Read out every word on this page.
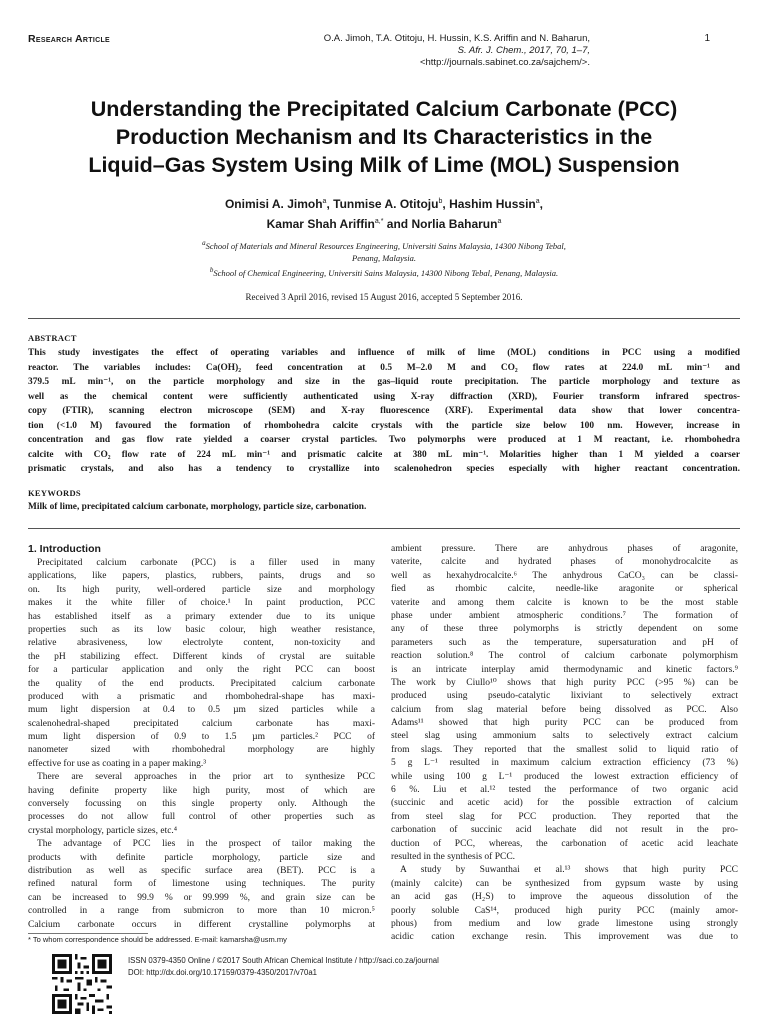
Research Article	O.A. Jimoh, T.A. Otitoju, H. Hussin, K.S. Ariffin and N. Baharun,
S. Afr. J. Chem., 2017, 70, 1–7,
<http://journals.sabinet.co.za/sajchem/>.
1
Understanding the Precipitated Calcium Carbonate (PCC)
Production Mechanism and Its Characteristics in the
Liquid–Gas System Using Milk of Lime (MOL) Suspension
Onimisi A. Jimoh$^a$, Tunmise A. Otitoju$^b$, Hashim Hussin$^a$,
Kamar Shah Ariffin$^{a,*}$ and Norlia Baharun$^a$
$^a$School of Materials and Mineral Resources Engineering, Universiti Sains Malaysia, 14300 Nibong Tebal,
Penang, Malaysia.
$^b$School of Chemical Engineering, Universiti Sains Malaysia, 14300 Nibong Tebal, Penang, Malaysia.
Received 3 April 2016, revised 15 August 2016, accepted 5 September 2016.
ABSTRACT
This study investigates the effect of operating variables and influence of milk of lime (MOL) conditions in PCC using a modified
reactor. The variables includes: Ca(OH)₂ feed concentration at 0.5 M–2.0 M and CO₂ flow rates at 224.0 mL min⁻¹ and
379.5 mL min⁻¹, on the particle morphology and size in the gas–liquid route precipitation. The particle morphology and texture as
well as the chemical content were sufficiently authenticated using X-ray diffraction (XRD), Fourier transform infrared spectros-
copy (FTIR), scanning electron microscope (SEM) and X-ray fluorescence (XRF). Experimental data show that lower concentra-
tion (<1.0 M) favoured the formation of rhombohedra calcite crystals with the particle size below 100 nm. However, increase in
concentration and gas flow rate yielded a coarser crystal particles. Two polymorphs were produced at 1 M reactant, i.e. rhombohedra
calcite with CO₂ flow rate of 224 mL min⁻¹ and prismatic calcite at 380 mL min⁻¹. Molarities higher than 1 M yielded a coarser
prismatic crystals, and also has a tendency to crystallize into scalenohedron species especially with higher reactant concentration.
KEYWORDS
Milk of lime, precipitated calcium carbonate, morphology, particle size, carbonation.
1. Introduction
Precipitated calcium carbonate (PCC) is a filler used in many
applications, like papers, plastics, rubbers, paints, drugs and so
on. Its high purity, well-ordered particle size and morphology
makes it the white filler of choice.¹ In paint production, PCC
has established itself as a primary extender due to its unique
properties such as its low basic colour, high weather resistance,
relative abrasiveness, low electrolyte content, non-toxicity and
the pH stabilizing effect. Different kinds of crystal are suitable
for a particular application and only the right PCC can boost
the quality of the end products. Precipitated calcium carbonate
produced with a prismatic and rhombohedral-shape has maxi-
mum light dispersion at 0.4 to 0.5 µm sized particles while a
scalenohedral-shaped precipitated calcium carbonate has maxi-
mum light dispersion of 0.9 to 1.5 µm particles.² PCC of
nanometer sized with rhombohedral morphology are highly
effective for use as coating in a paper making.³
There are several approaches in the prior art to synthesize PCC
having definite property like high purity, most of which are
conversely focussing on this single property only. Although the
processes do not allow full control of other properties such as
crystal morphology, particle sizes, etc.⁴
The advantage of PCC lies in the prospect of tailor making the
products with definite particle morphology, particle size and
distribution as well as specific surface area (BET). PCC is a
refined natural form of limestone using techniques. The purity
can be increased to 99.9 % or 99.999 %, and grain size can be
controlled in a range from submicron to more than 10 micron.⁵
Calcium carbonate occurs in different crystalline polymorphs at
ambient pressure. There are anhydrous phases of aragonite,
vaterite, calcite and hydrated phases of monohydrocalcite as
well as hexahydrocalcite.⁶ The anhydrous CaCO₃ can be classi-
fied as rhombic calcite, needle-like aragonite or spherical
vaterite and among them calcite is known to be the most stable
phase under ambient atmospheric conditions.⁷ The formation of
any of these three polymorphs is strictly dependent on some
parameters such as the temperature, supersaturation and pH of
reaction solution.⁸ The control of calcium carbonate polymorphism
is an intricate interplay amid thermodynamic and kinetic factors.⁹
The work by Ciullo¹⁰ shows that high purity PCC (>95 %) can be
produced using pseudo-catalytic lixiviant to selectively extract
calcium from slag material before being dissolved as PCC. Also
Adams¹¹ showed that high purity PCC can be produced from
steel slag using ammonium salts to selectively extract calcium
from slags. They reported that the smallest solid to liquid ratio of
5 g L⁻¹ resulted in maximum calcium extraction efficiency (73 %)
while using 100 g L⁻¹ produced the lowest extraction efficiency of
6 %. Liu et al.¹² tested the performance of two organic acid
(succinic and acetic acid) for the possible extraction of calcium
from steel slag for PCC production. They reported that the
carbonation of succinic acid leachate did not result in the pro-
duction of PCC, whereas, the carbonation of acetic acid leachate
resulted in the synthesis of PCC.
A study by Suwanthai et al.¹³ shows that high purity PCC
(mainly calcite) can be synthesized from gypsum waste by using
an acid gas (H₂S) to improve the aqueous dissolution of the
poorly soluble CaS¹⁴, produced high purity PCC (mainly amor-
phous) from medium and low grade limestone using strongly
acidic cation exchange resin. This improvement was due to
* To whom correspondence should be addressed. E-mail: kamarsha@usm.my
ISSN 0379-4350 Online / ©2017 South African Chemical Institute / http://saci.co.za/journal
DOI: http://dx.doi.org/10.17159/0379-4350/2017/v70a1
